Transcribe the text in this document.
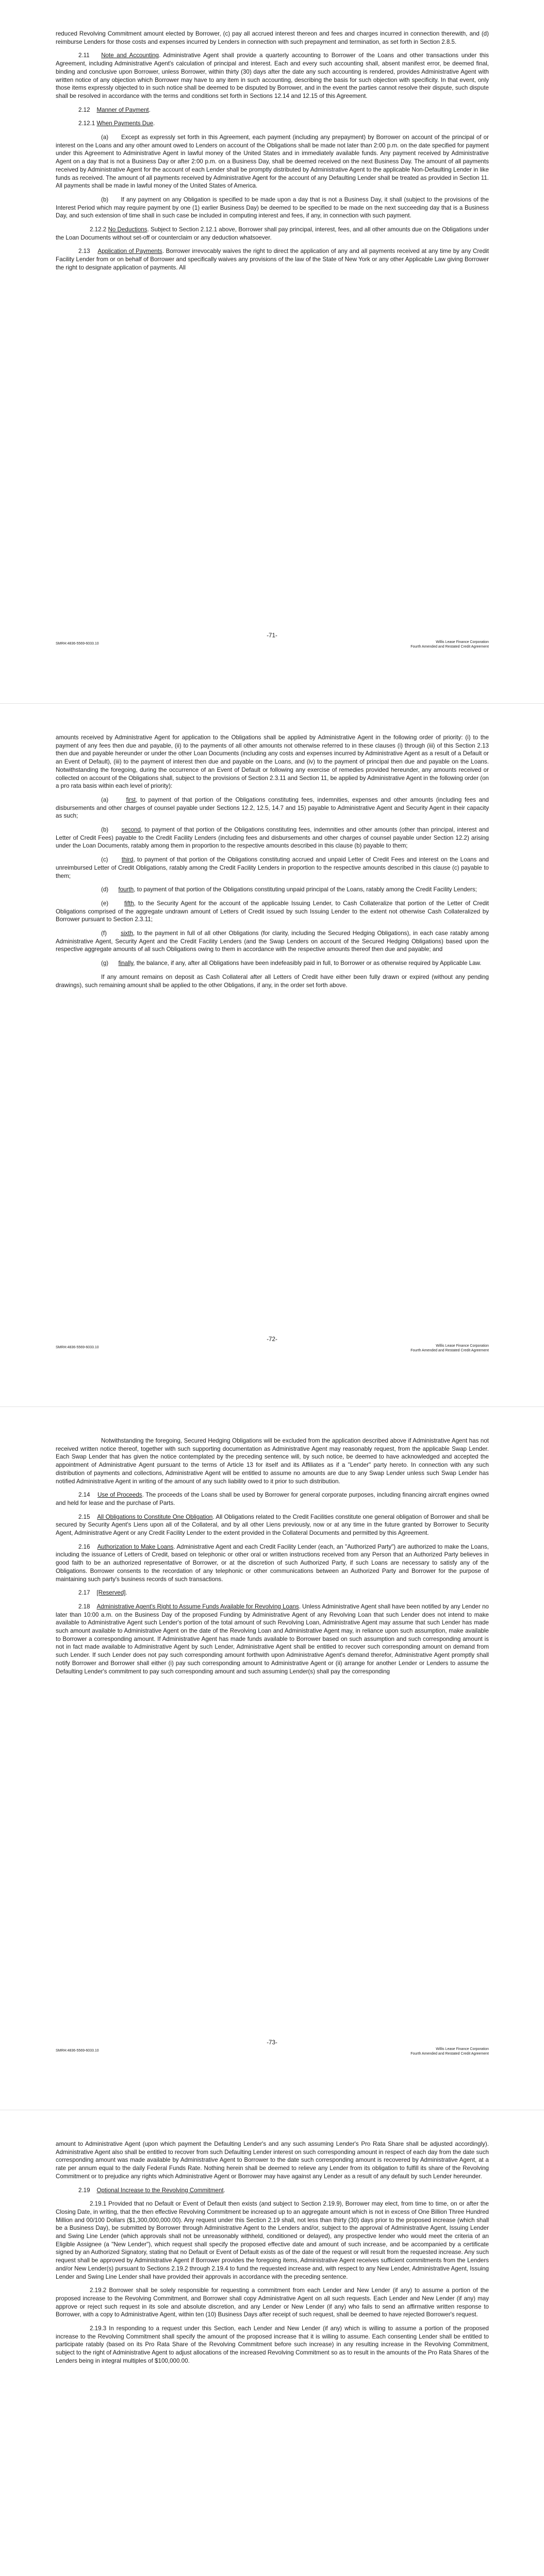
reduced Revolving Commitment amount elected by Borrower, (c) pay all accrued interest thereon and fees and charges incurred in connection therewith, and (d) reimburse Lenders for those costs and expenses incurred by Lenders in connection with such prepayment and termination, as set forth in Section 2.8.5.

2.11 Note and Accounting. Administrative Agent shall provide a quarterly accounting to Borrower of the Loans and other transactions under this Agreement, including Administrative Agent's calculation of principal and interest. Each and every such accounting shall, absent manifest error, be deemed final, binding and conclusive upon Borrower, unless Borrower, within thirty (30) days after the date any such accounting is rendered, provides Administrative Agent with written notice of any objection which Borrower may have to any item in such accounting, describing the basis for such objection with specificity. In that event, only those items expressly objected to in such notice shall be deemed to be disputed by Borrower, and in the event the parties cannot resolve their dispute, such dispute shall be resolved in accordance with the terms and conditions set forth in Sections 12.14 and 12.15 of this Agreement.

2.12 Manner of Payment.

2.12.1 When Payments Due.

(a) Except as expressly set forth in this Agreement, each payment (including any prepayment) by Borrower on account of the principal of or interest on the Loans and any other amount owed to Lenders on account of the Obligations shall be made not later than 2:00 p.m. on the date specified for payment under this Agreement to Administrative Agent in lawful money of the United States and in immediately available funds. Any payment received by Administrative Agent on a day that is not a Business Day or after 2:00 p.m. on a Business Day, shall be deemed received on the next Business Day. The amount of all payments received by Administrative Agent for the account of each Lender shall be promptly distributed by Administrative Agent to the applicable Non-Defaulting Lender in like funds as received. The amount of all payments received by Administrative Agent for the account of any Defaulting Lender shall be treated as provided in Section 11. All payments shall be made in lawful money of the United States of America.

(b) If any payment on any Obligation is specified to be made upon a day that is not a Business Day, it shall (subject to the provisions of the Interest Period which may require payment by one (1) earlier Business Day) be deemed to be specified to be made on the next succeeding day that is a Business Day, and such extension of time shall in such case be included in computing interest and fees, if any, in connection with such payment.

2.12.2 No Deductions. Subject to Section 2.12.1 above, Borrower shall pay principal, interest, fees, and all other amounts due on the Obligations under the Loan Documents without set-off or counterclaim or any deduction whatsoever.

2.13 Application of Payments. Borrower irrevocably waives the right to direct the application of any and all payments received at any time by any Credit Facility Lender from or on behalf of Borrower and specifically waives any provisions of the law of the State of New York or any other Applicable Law giving Borrower the right to designate application of payments. All

-71-
SMRH:4836-5569-6033.10	Willis Lease Finance Corporation
Fourth Amended and Restated Credit Agreement

amounts received by Administrative Agent for application to the Obligations shall be applied by Administrative Agent in the following order of priority: (i) to the payment of any fees then due and payable, (ii) to the payments of all other amounts not otherwise referred to in these clauses (i) through (iii) of this Section 2.13 then due and payable hereunder or under the other Loan Documents (including any costs and expenses incurred by Administrative Agent as a result of a Default or an Event of Default), (iii) to the payment of interest then due and payable on the Loans, and (iv) to the payment of principal then due and payable on the Loans. Notwithstanding the foregoing, during the occurrence of an Event of Default or following any exercise of remedies provided hereunder, any amounts received or collected on account of the Obligations shall, subject to the provisions of Section 2.3.11 and Section 11, be applied by Administrative Agent in the following order (on a pro rata basis within each level of priority):

(a)	first, to payment of that portion of the Obligations constituting fees, indemnities, expenses and other amounts (including fees and disbursements and other charges of counsel payable under Sections 12.2, 12.5, 14.7 and 15) payable to Administrative Agent and Security Agent in their capacity as such;

(b) second, to payment of that portion of the Obligations constituting fees, indemnities and other amounts (other than principal, interest and Letter of Credit Fees) payable to the Credit Facility Lenders (including fees and disbursements and other charges of counsel payable under Section 12.2) arising under the Loan Documents, ratably among them in proportion to the respective amounts described in this clause (b) payable to them;

(c) third, to payment of that portion of the Obligations constituting accrued and unpaid Letter of Credit Fees and interest on the Loans and unreimbursed Letter of Credit Obligations, ratably among the Credit Facility Lenders in proportion to the respective amounts described in this clause (c) payable to them;

(d) fourth, to payment of that portion of the Obligations constituting unpaid principal of the Loans, ratably among the Credit Facility Lenders;

(e)	fifth, to the Security Agent for the account of the applicable Issuing Lender, to Cash Collateralize that portion of the Letter of Credit Obligations comprised of the aggregate undrawn amount of Letters of Credit issued by such Issuing Lender to the extent not otherwise Cash Collateralized by Borrower pursuant to Section 2.3.11;

(f) sixth, to the payment in full of all other Obligations (for clarity, including the Secured Hedging Obligations), in each case ratably among Administrative Agent, Security Agent and the Credit Facility Lenders (and the Swap Lenders on account of the Secured Hedging Obligations) based upon the respective aggregate amounts of all such Obligations owing to them in accordance with the respective amounts thereof then due and payable; and

(g) finally, the balance, if any, after all Obligations have been indefeasibly paid in full, to Borrower or as otherwise required by Applicable Law.

If any amount remains on deposit as Cash Collateral after all Letters of Credit have either been fully drawn or expired (without any pending drawings), such remaining amount shall be applied to the other Obligations, if any, in the order set forth above.

-72-
SMRH:4836-5569-6033.10	Willis Lease Finance Corporation
Fourth Amended and Restated Credit Agreement

Notwithstanding the foregoing, Secured Hedging Obligations will be excluded from the application described above if Administrative Agent has not received written notice thereof, together with such supporting documentation as Administrative Agent may reasonably request, from the applicable Swap Lender. Each Swap Lender that has given the notice contemplated by the preceding sentence will, by such notice, be deemed to have acknowledged and accepted the appointment of Administrative Agent pursuant to the terms of Article 13 for itself and its Affiliates as if a "Lender" party hereto. In connection with any such distribution of payments and collections, Administrative Agent will be entitled to assume no amounts are due to any Swap Lender unless such Swap Lender has notified Administrative Agent in writing of the amount of any such liability owed to it prior to such distribution.

2.14 Use of Proceeds. The proceeds of the Loans shall be used by Borrower for general corporate purposes, including financing aircraft engines owned and held for lease and the purchase of Parts.

2.15 All Obligations to Constitute One Obligation. All Obligations related to the Credit Facilities constitute one general obligation of Borrower and shall be secured by Security Agent's Liens upon all of the Collateral, and by all other Liens previously, now or at any time in the future granted by Borrower to Security Agent, Administrative Agent or any Credit Facility Lender to the extent provided in the Collateral Documents and permitted by this Agreement.

2.16 Authorization to Make Loans. Administrative Agent and each Credit Facility Lender (each, an "Authorized Party") are authorized to make the Loans, including the issuance of Letters of Credit, based on telephonic or other oral or written instructions received from any Person that an Authorized Party believes in good faith to be an authorized representative of Borrower, or at the discretion of such Authorized Party, if such Loans are necessary to satisfy any of the Obligations. Borrower consents to the recordation of any telephonic or other communications between an Authorized Party and Borrower for the purpose of maintaining such party's business records of such transactions.

2.17 [Reserved].

2.18 Administrative Agent's Right to Assume Funds Available for Revolving Loans. Unless Administrative Agent shall have been notified by any Lender no later than 10:00 a.m. on the Business Day of the proposed Funding by Administrative Agent of any Revolving Loan that such Lender does not intend to make available to Administrative Agent such Lender's portion of the total amount of such Revolving Loan, Administrative Agent may assume that such Lender has made such amount available to Administrative Agent on the date of the Revolving Loan and Administrative Agent may, in reliance upon such assumption, make available to Borrower a corresponding amount. If Administrative Agent has made funds available to Borrower based on such assumption and such corresponding amount is not in fact made available to Administrative Agent by such Lender, Administrative Agent shall be entitled to recover such corresponding amount on demand from such Lender. If such Lender does not pay such corresponding amount forthwith upon Administrative Agent's demand therefor, Administrative Agent promptly shall notify Borrower and Borrower shall either (i) pay such corresponding amount to Administrative Agent or (ii) arrange for another Lender or Lenders to assume the Defaulting Lender's commitment to pay such corresponding amount and such assuming Lender(s) shall pay the corresponding

-73-
SMRH:4836-5569-6033.10	Willis Lease Finance Corporation
Fourth Amended and Restated Credit Agreement

amount to Administrative Agent (upon which payment the Defaulting Lender's and any such assuming Lender's Pro Rata Share shall be adjusted accordingly). Administrative Agent also shall be entitled to recover from such Defaulting Lender interest on such corresponding amount in respect of each day from the date such corresponding amount was made available by Administrative Agent to Borrower to the date such corresponding amount is recovered by Administrative Agent, at a rate per annum equal to the daily Federal Funds Rate. Nothing herein shall be deemed to relieve any Lender from its obligation to fulfill its share of the Revolving Commitment or to prejudice any rights which Administrative Agent or Borrower may have against any Lender as a result of any default by such Lender hereunder.

2.19 Optional Increase to the Revolving Commitment.

2.19.1 Provided that no Default or Event of Default then exists (and subject to Section 2.19.9), Borrower may elect, from time to time, on or after the Closing Date, in writing, that the then effective Revolving Commitment be increased up to an aggregate amount which is not in excess of One Billion Three Hundred Million and 00/100 Dollars ($1,300,000,000.00). Any request under this Section 2.19 shall, not less than thirty (30) days prior to the proposed increase (which shall be a Business Day), be submitted by Borrower through Administrative Agent to the Lenders and/or, subject to the approval of Administrative Agent, Issuing Lender and Swing Line Lender (which approvals shall not be unreasonably withheld, conditioned or delayed), any prospective lender who would meet the criteria of an Eligible Assignee (a "New Lender"), which request shall specify the proposed effective date and amount of such increase, and be accompanied by a certificate signed by an Authorized Signatory, stating that no Default or Event of Default exists as of the date of the request or will result from the requested increase. Any such request shall be approved by Administrative Agent if Borrower provides the foregoing items, Administrative Agent receives sufficient commitments from the Lenders and/or New Lender(s) pursuant to Sections 2.19.2 through 2.19.4 to fund the requested increase and, with respect to any New Lender, Administrative Agent, Issuing Lender and Swing Line Lender shall have provided their approvals in accordance with the preceding sentence.

2.19.2 Borrower shall be solely responsible for requesting a commitment from each Lender and New Lender (if any) to assume a portion of the proposed increase to the Revolving Commitment, and Borrower shall copy Administrative Agent on all such requests. Each Lender and New Lender (if any) may approve or reject such request in its sole and absolute discretion, and any Lender or New Lender (if any) who fails to send an affirmative written response to Borrower, with a copy to Administrative Agent, within ten (10) Business Days after receipt of such request, shall be deemed to have rejected Borrower's request.

2.19.3 In responding to a request under this Section, each Lender and New Lender (if any) which is willing to assume a portion of the proposed increase to the Revolving Commitment shall specify the amount of the proposed increase that it is willing to assume. Each consenting Lender shall be entitled to participate ratably (based on its Pro Rata Share of the Revolving Commitment before such increase) in any resulting increase in the Revolving Commitment, subject to the right of Administrative Agent to adjust allocations of the increased Revolving Commitment so as to result in the amounts of the Pro Rata Shares of the Lenders being in integral multiples of $100,000.00.
